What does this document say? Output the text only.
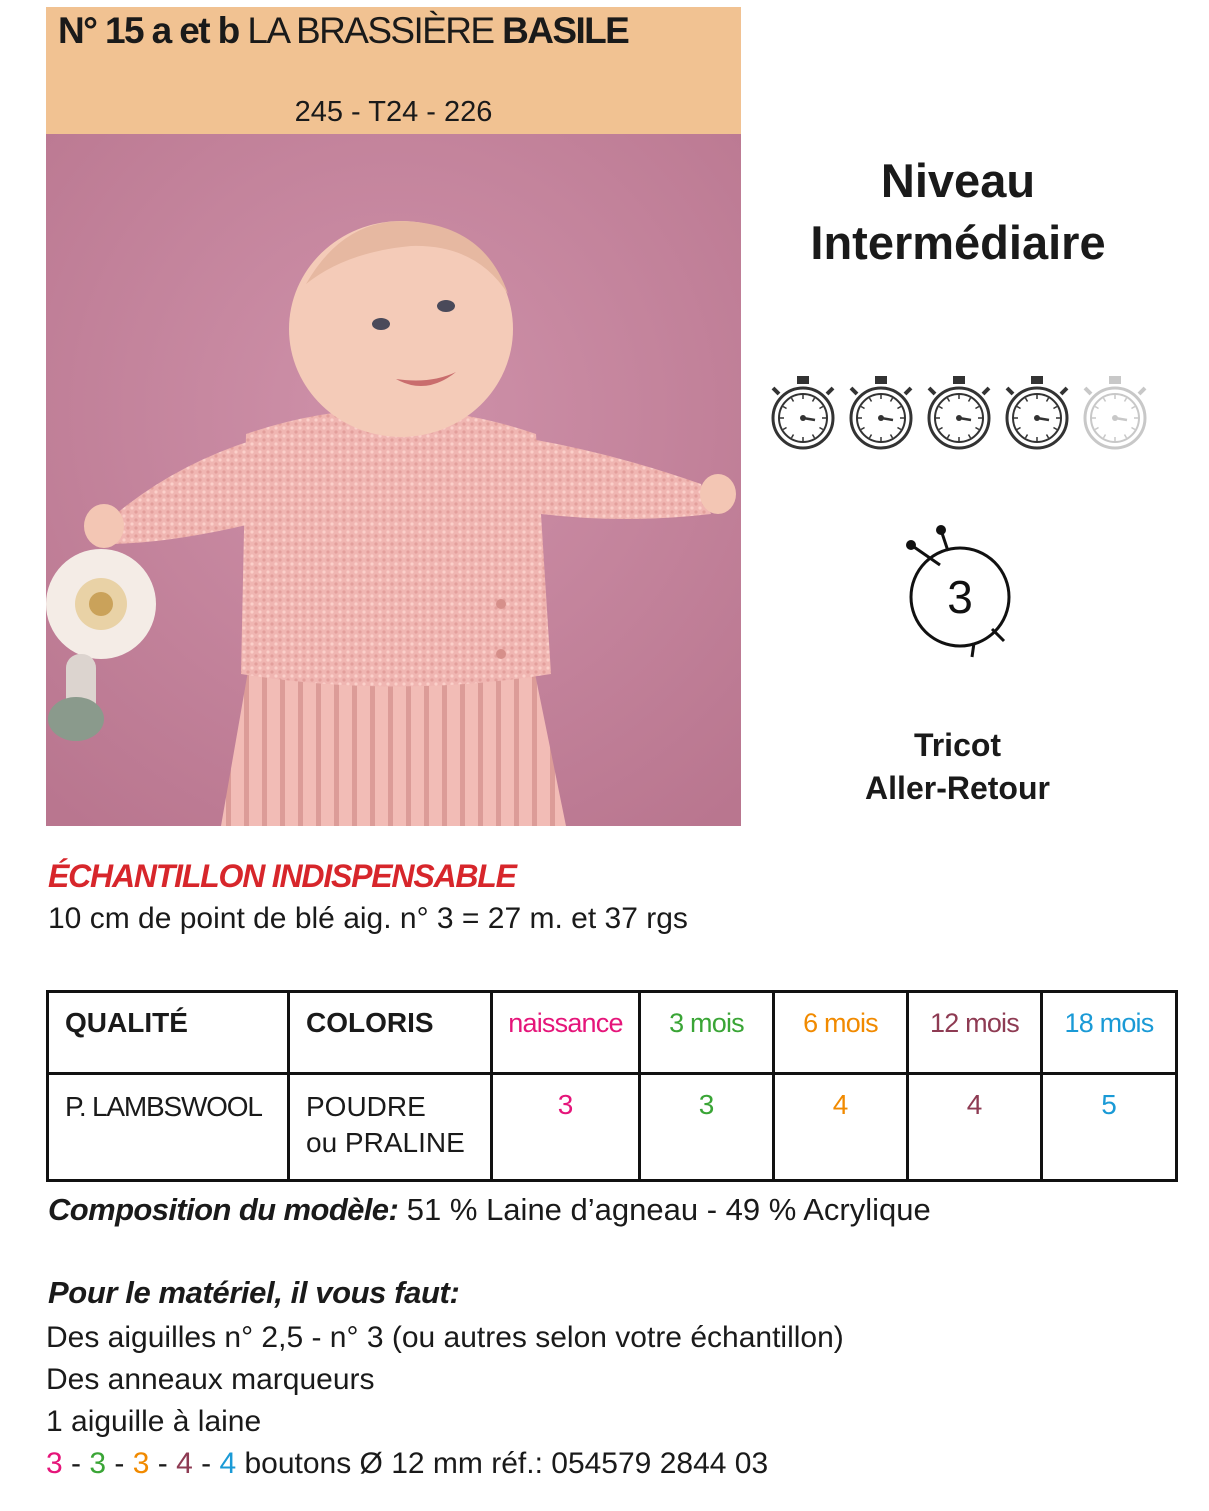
N° 15 a et b LA BRASSIÈRE BASILE
245 - T24 - 226
Niveau
Intermédiaire
3
Tricot
Aller-Retour
ÉCHANTILLON INDISPENSABLE
10 cm de point de blé aig. n° 3 = 27 m. et 37 rgs
QUALITÉ	COLORIS	naissance	3 mois	6 mois	12 mois	18 mois
P. LAMBSWOOL	POUDRE
ou PRALINE	3	3	4	4	5
Composition du modèle: 51 % Laine d’agneau - 49 % Acrylique
Pour le matériel, il vous faut:
Des aiguilles n° 2,5 - n° 3 (ou autres selon votre échantillon)
Des anneaux marqueurs
1 aiguille à laine
3 - 3 - 3 - 4 - 4 boutons Ø 12 mm réf.: 054579 2844 03
